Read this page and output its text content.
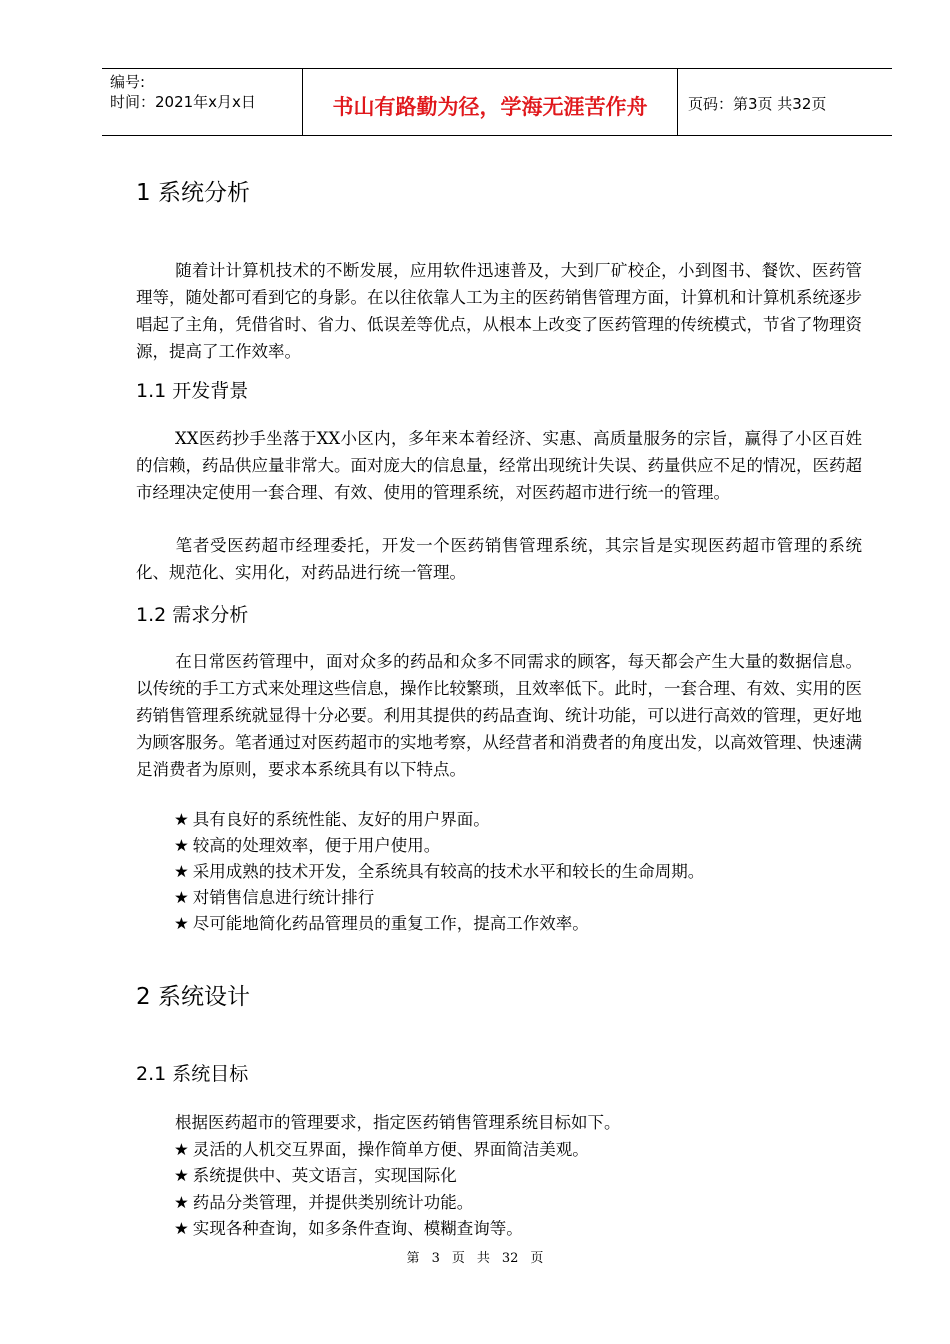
编号:
时间：2021年x月x日	书山有路勤为径，学海无涯苦作舟	页码：第3页 共32页
1 系统分析
随着计计算机技术的不断发展，应用软件迅速普及，大到厂矿校企，小到图书、餐饮、医药管理等，随处都可看到它的身影。在以往依靠人工为主的医药销售管理方面，计算机和计算机系统逐步唱起了主角，凭借省时、省力、低误差等优点，从根本上改变了医药管理的传统模式，节省了物理资源，提高了工作效率。
1.1 开发背景
XX医药抄手坐落于XX小区内，多年来本着经济、实惠、高质量服务的宗旨，赢得了小区百姓的信赖，药品供应量非常大。面对庞大的信息量，经常出现统计失误、药量供应不足的情况，医药超市经理决定使用一套合理、有效、使用的管理系统，对医药超市进行统一的管理。
笔者受医药超市经理委托，开发一个医药销售管理系统，其宗旨是实现医药超市管理的系统化、规范化、实用化，对药品进行统一管理。
1.2 需求分析
在日常医药管理中，面对众多的药品和众多不同需求的顾客，每天都会产生大量的数据信息。以传统的手工方式来处理这些信息，操作比较繁琐，且效率低下。此时，一套合理、有效、实用的医药销售管理系统就显得十分必要。利用其提供的药品查询、统计功能，可以进行高效的管理，更好地为顾客服务。笔者通过对医药超市的实地考察，从经营者和消费者的角度出发，以高效管理、快速满足消费者为原则，要求本系统具有以下特点。
★ 具有良好的系统性能、友好的用户界面。
★ 较高的处理效率，便于用户使用。
★ 采用成熟的技术开发，全系统具有较高的技术水平和较长的生命周期。
★ 对销售信息进行统计排行
★ 尽可能地简化药品管理员的重复工作，提高工作效率。
2 系统设计
2.1 系统目标
根据医药超市的管理要求，指定医药销售管理系统目标如下。
★ 灵活的人机交互界面，操作简单方便、界面简洁美观。
★ 系统提供中、英文语言，实现国际化
★ 药品分类管理，并提供类别统计功能。
★ 实现各种查询，如多条件查询、模糊查询等。
第 3 页 共 32 页
